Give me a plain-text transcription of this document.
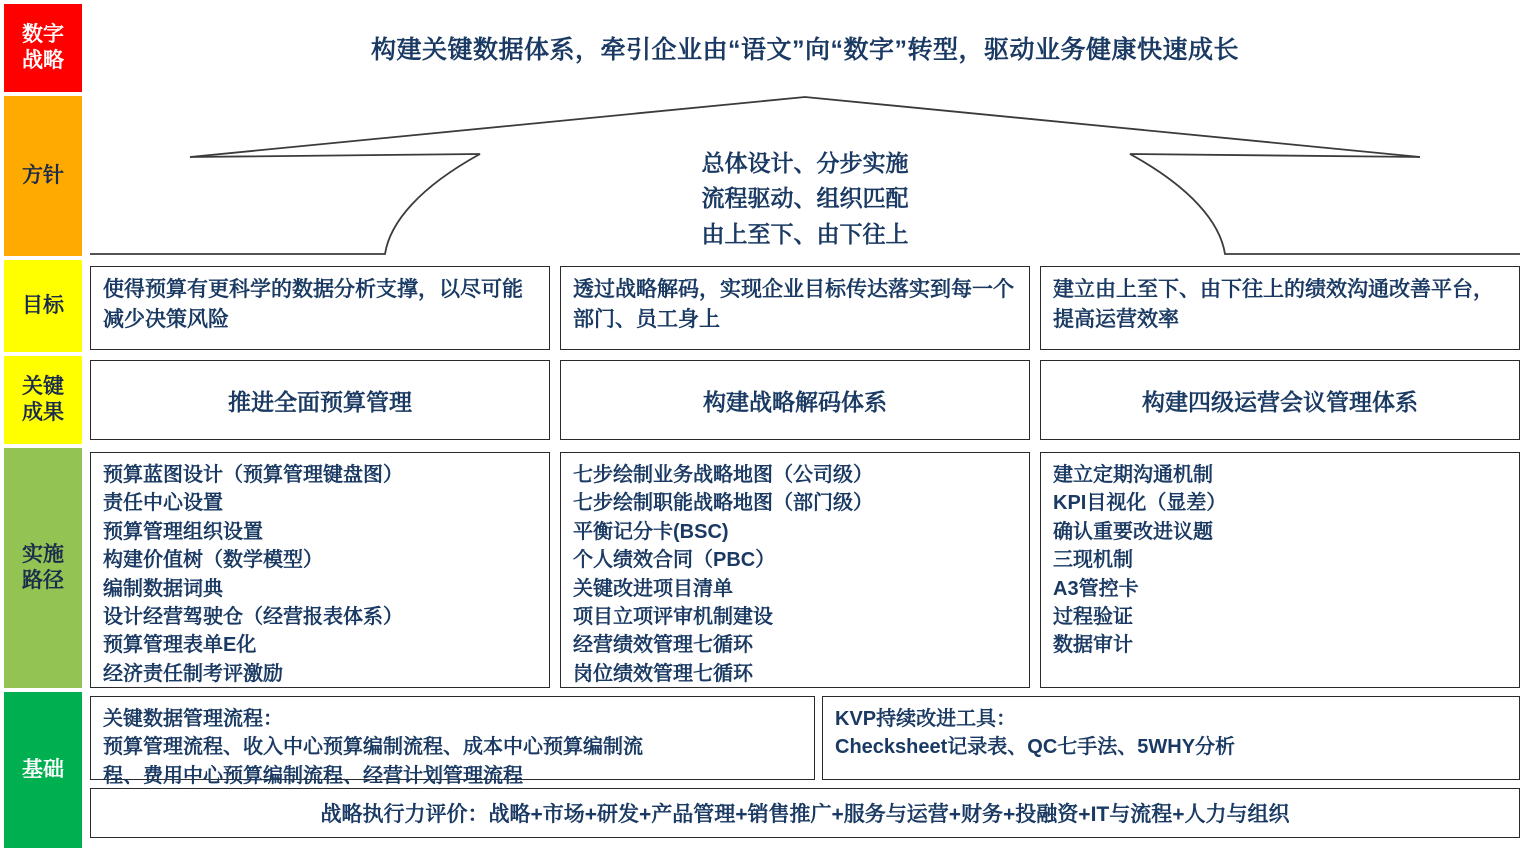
数字
战略
方针
目标
关键
成果
实施
路径
基础
构建关键数据体系，牵引企业由“语文”向“数字”转型，驱动业务健康快速成长
总体设计、分步实施
流程驱动、组织匹配
由上至下、由下往上
使得预算有更科学的数据分析支撑，以尽可能减少决策风险
透过战略解码，实现企业目标传达落实到每一个部门、员工身上
建立由上至下、由下往上的绩效沟通改善平台，提高运营效率
推进全面预算管理	构建战略解码体系	构建四级运营会议管理体系
预算蓝图设计（预算管理键盘图）
责任中心设置
预算管理组织设置
构建价值树（数学模型）
编制数据词典
设计经营驾驶仓（经营报表体系）
预算管理表单E化
经济责任制考评激励
七步绘制业务战略地图（公司级）
七步绘制职能战略地图（部门级）
平衡记分卡(BSC)
个人绩效合同（PBC）
关键改进项目清单
项目立项评审机制建设
经营绩效管理七循环
岗位绩效管理七循环
建立定期沟通机制
KPI目视化（显差）
确认重要改进议题
三现机制
A3管控卡
过程验证
数据审计
关键数据管理流程：
预算管理流程、收入中心预算编制流程、成本中心预算编制流
程、费用中心预算编制流程、经营计划管理流程
KVP持续改进工具：
Checksheet记录表、QC七手法、5WHY分析
战略执行力评价：战略+市场+研发+产品管理+销售推广+服务与运营+财务+投融资+IT与流程+人力与组织
